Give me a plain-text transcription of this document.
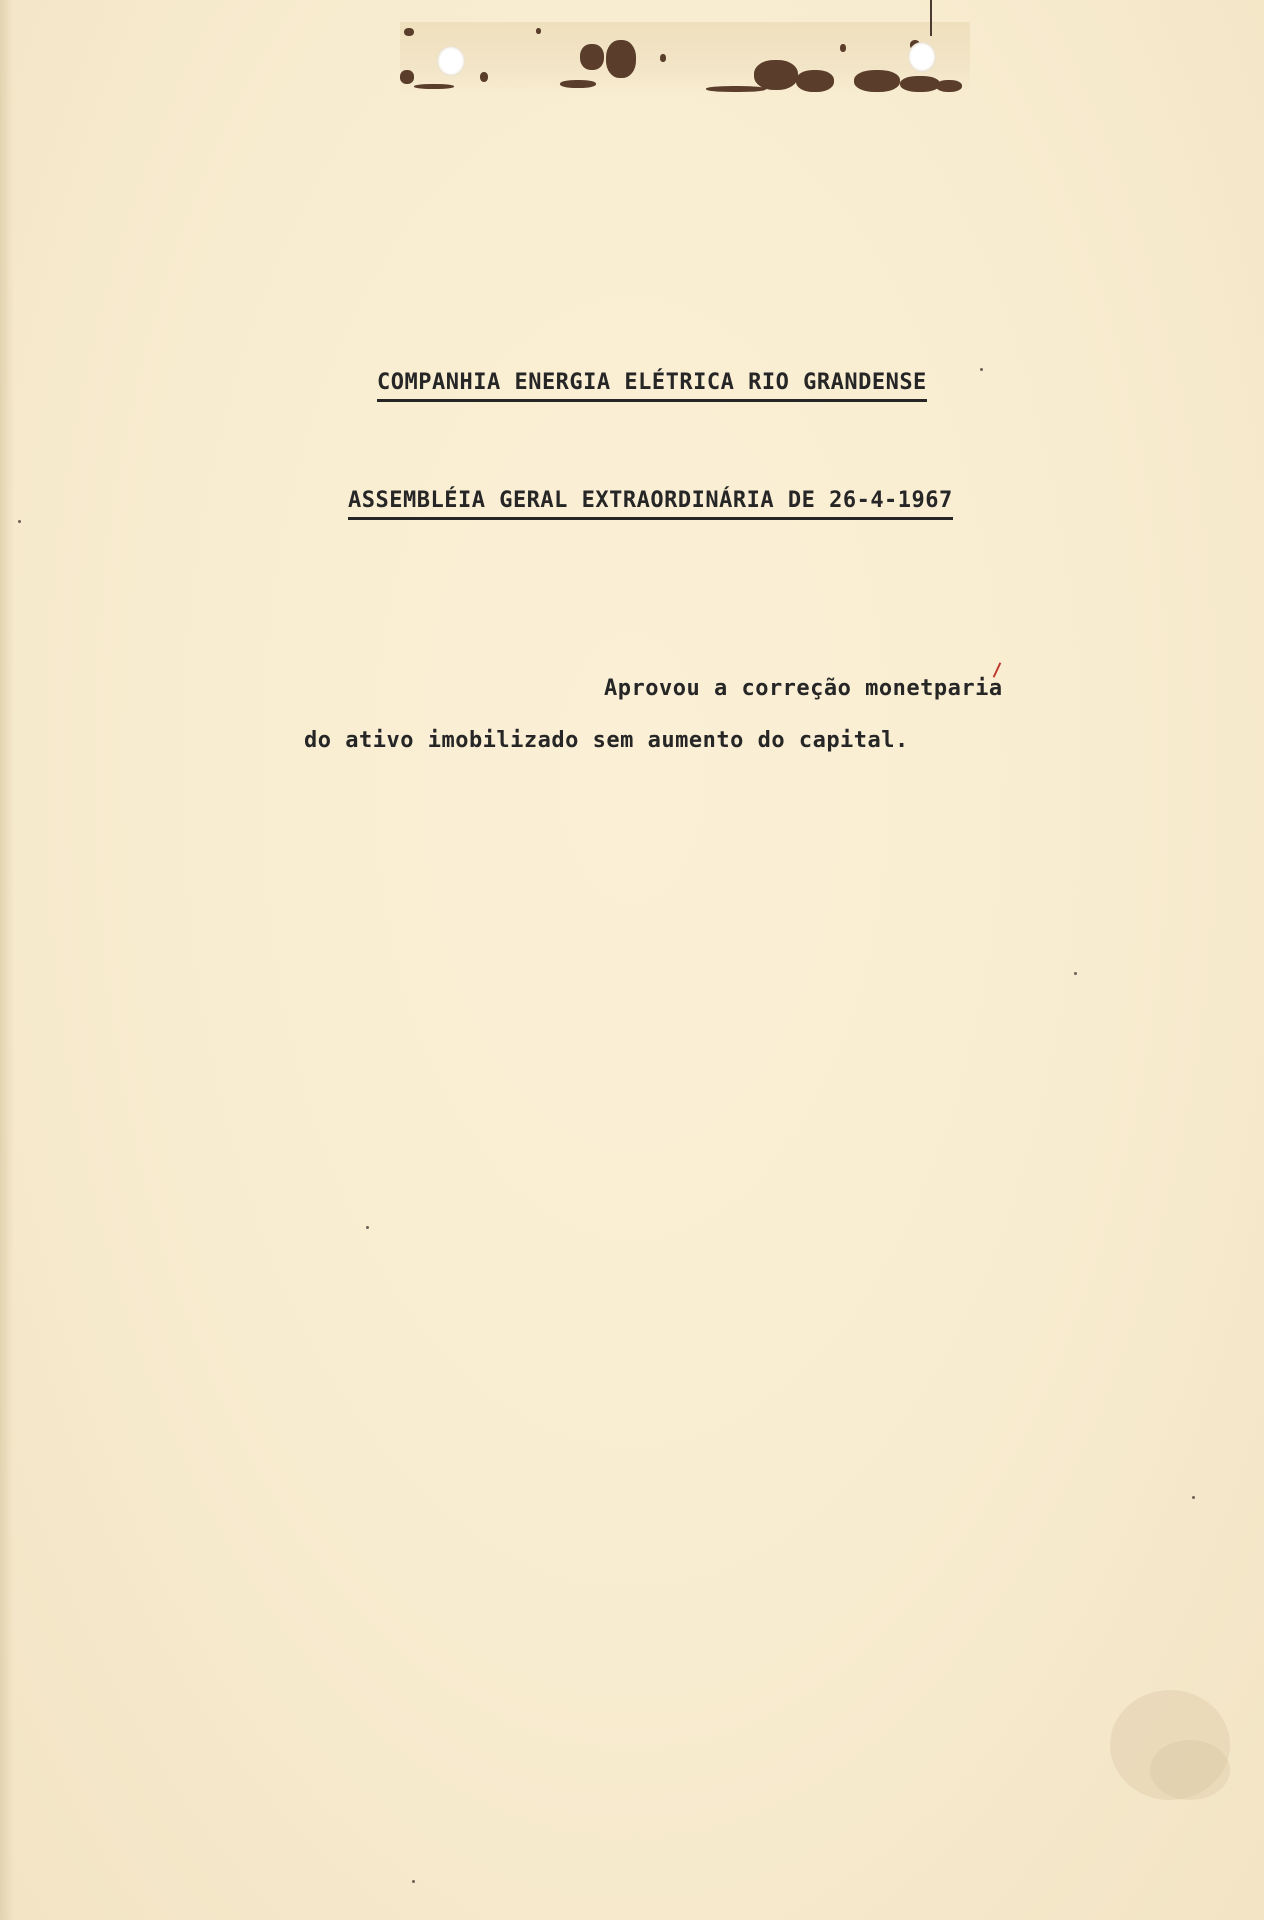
COMPANHIA ENERGIA ELÉTRICA RIO GRANDENSE
ASSEMBLÉIA GERAL EXTRAORDINÁRIA DE 26-4-1967
Aprovou a correção monetparia
do ativo imobilizado sem aumento do capital.
